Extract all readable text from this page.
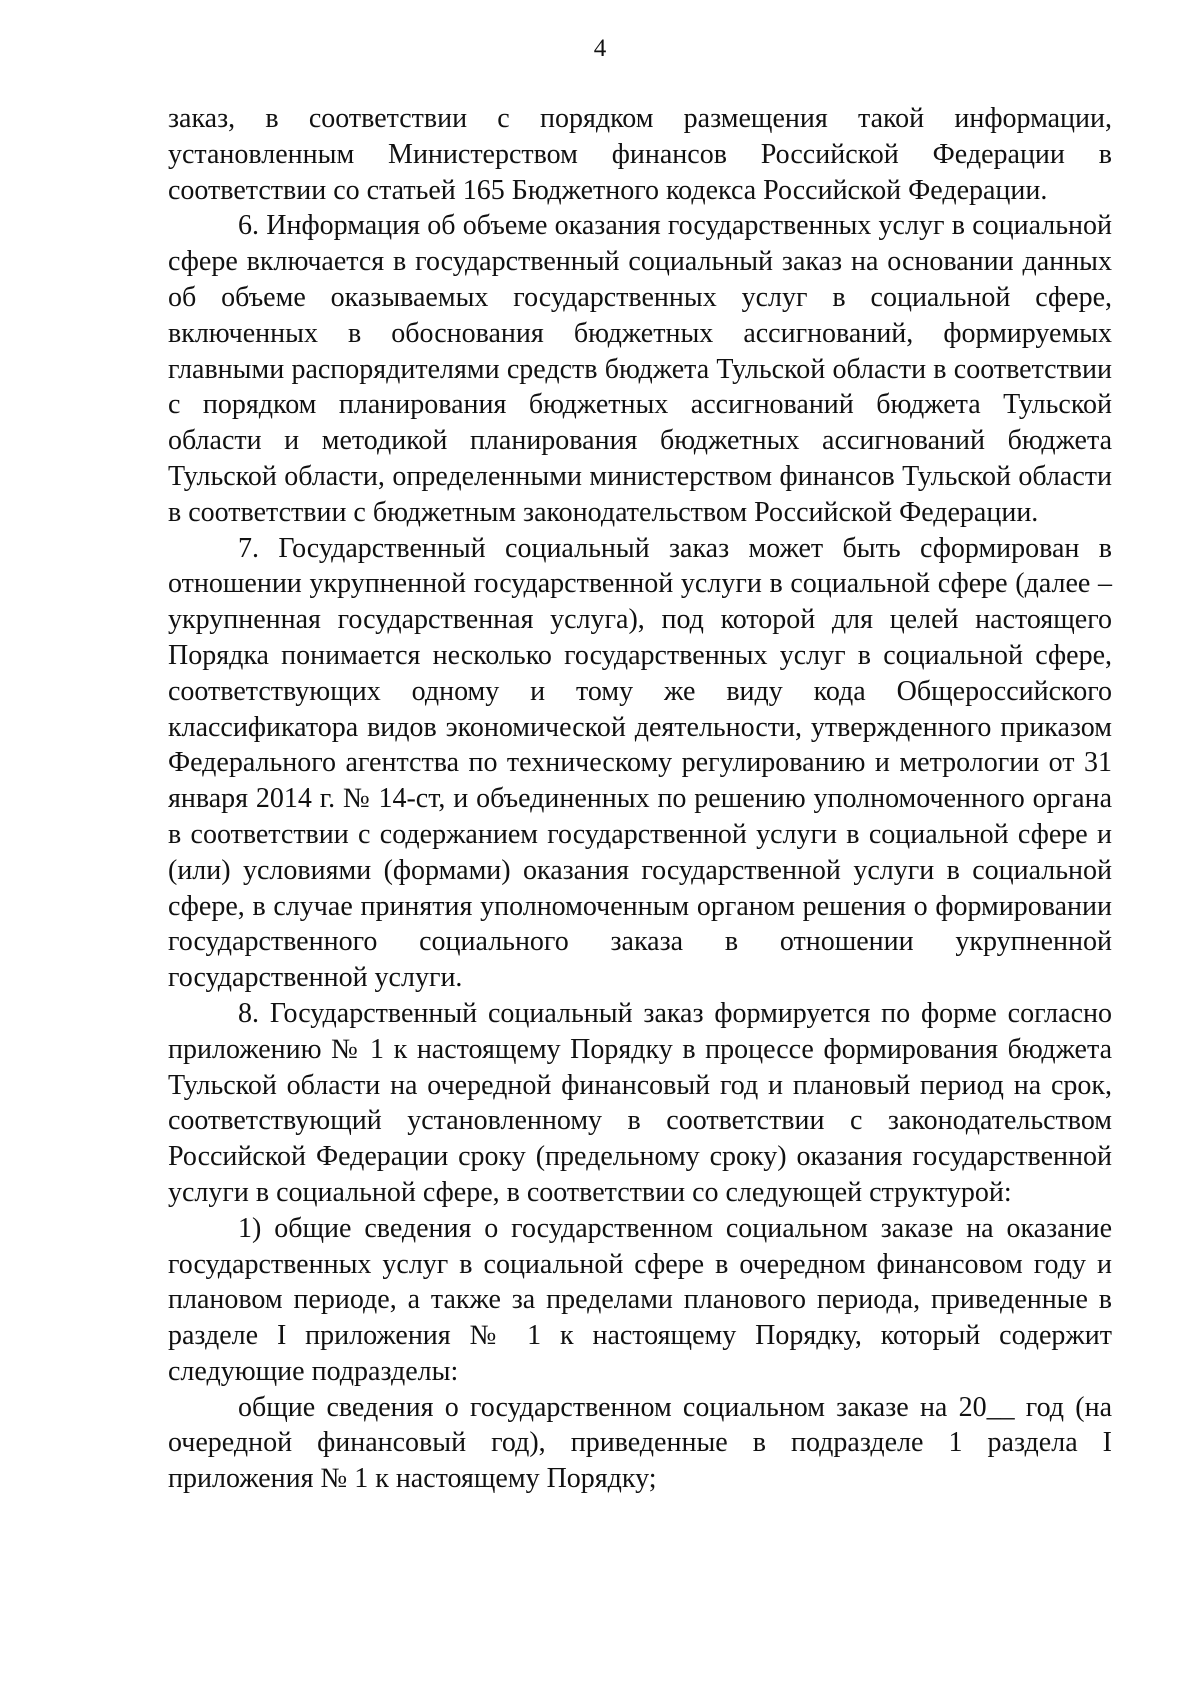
4

заказ, в соответствии с порядком размещения такой информации, установленным Министерством финансов Российской Федерации в соответствии со статьей 165 Бюджетного кодекса Российской Федерации.

6. Информация об объеме оказания государственных услуг в социальной сфере включается в государственный социальный заказ на основании данных об объеме оказываемых государственных услуг в социальной сфере, включенных в обоснования бюджетных ассигнований, формируемых главными распорядителями средств бюджета Тульской области в соответствии с порядком планирования бюджетных ассигнований бюджета Тульской области и методикой планирования бюджетных ассигнований бюджета Тульской области, определенными министерством финансов Тульской области в соответствии с бюджетным законодательством Российской Федерации.

7. Государственный социальный заказ может быть сформирован в отношении укрупненной государственной услуги в социальной сфере (далее – укрупненная государственная услуга), под которой для целей настоящего Порядка понимается несколько государственных услуг в социальной сфере, соответствующих одному и тому же виду кода Общероссийского классификатора видов экономической деятельности, утвержденного приказом Федерального агентства по техническому регулированию и метрологии от 31 января 2014 г. № 14-ст, и объединенных по решению уполномоченного органа в соответствии с содержанием государственной услуги в социальной сфере и (или) условиями (формами) оказания государственной услуги в социальной сфере, в случае принятия уполномоченным органом решения о формировании государственного социального заказа в отношении укрупненной государственной услуги.

8. Государственный социальный заказ формируется по форме согласно приложению № 1 к настоящему Порядку в процессе формирования бюджета Тульской области на очередной финансовый год и плановый период на срок, соответствующий установленному в соответствии с законодательством Российской Федерации сроку (предельному сроку) оказания государственной услуги в социальной сфере, в соответствии со следующей структурой:

1) общие сведения о государственном социальном заказе на оказание государственных услуг в социальной сфере в очередном финансовом году и плановом периоде, а также за пределами планового периода, приведенные в разделе I приложения № 1 к настоящему Порядку, который содержит следующие подразделы:

общие сведения о государственном социальном заказе на 20__ год (на очередной финансовый год), приведенные в подразделе 1 раздела I приложения № 1 к настоящему Порядку;
